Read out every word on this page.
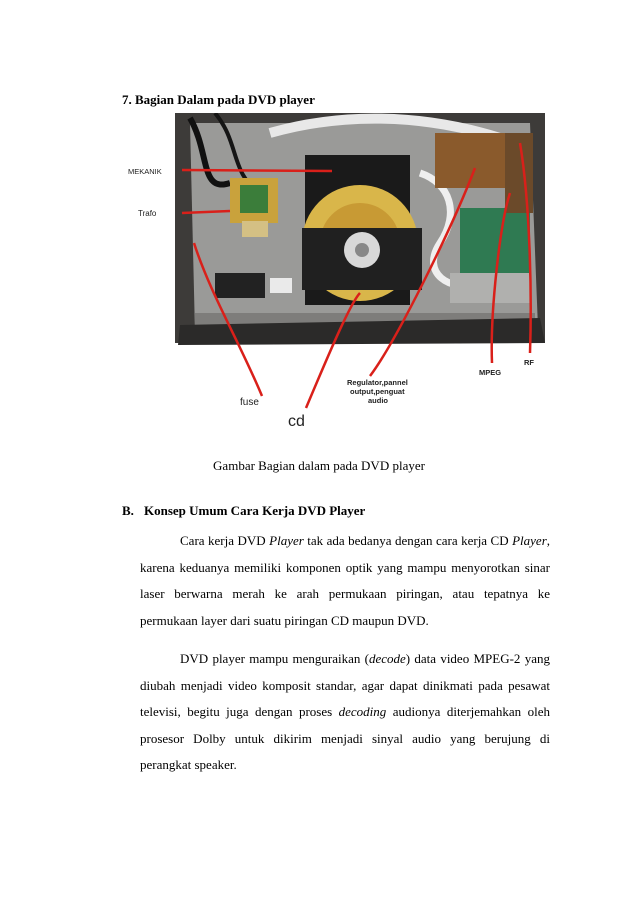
7. Bagian Dalam pada DVD player
MEKANIK
Trafo
fuse
cd
Regulator,pannel
output,penguat
audio
MPEG
RF
Gambar Bagian dalam pada DVD player
B. Konsep Umum Cara Kerja DVD Player
Cara kerja DVD Player tak ada bedanya dengan cara kerja CD Player,
karena keduanya memiliki komponen optik yang mampu menyorotkan sinar
laser berwarna merah ke arah permukaan piringan, atau tepatnya ke
permukaan layer dari suatu piringan CD maupun DVD.
DVD player mampu menguraikan (decode) data video MPEG-2 yang
diubah menjadi video komposit standar, agar dapat dinikmati pada pesawat
televisi, begitu juga dengan proses decoding audionya diterjemahkan oleh
prosesor Dolby untuk dikirim menjadi sinyal audio yang berujung di
perangkat speaker.
